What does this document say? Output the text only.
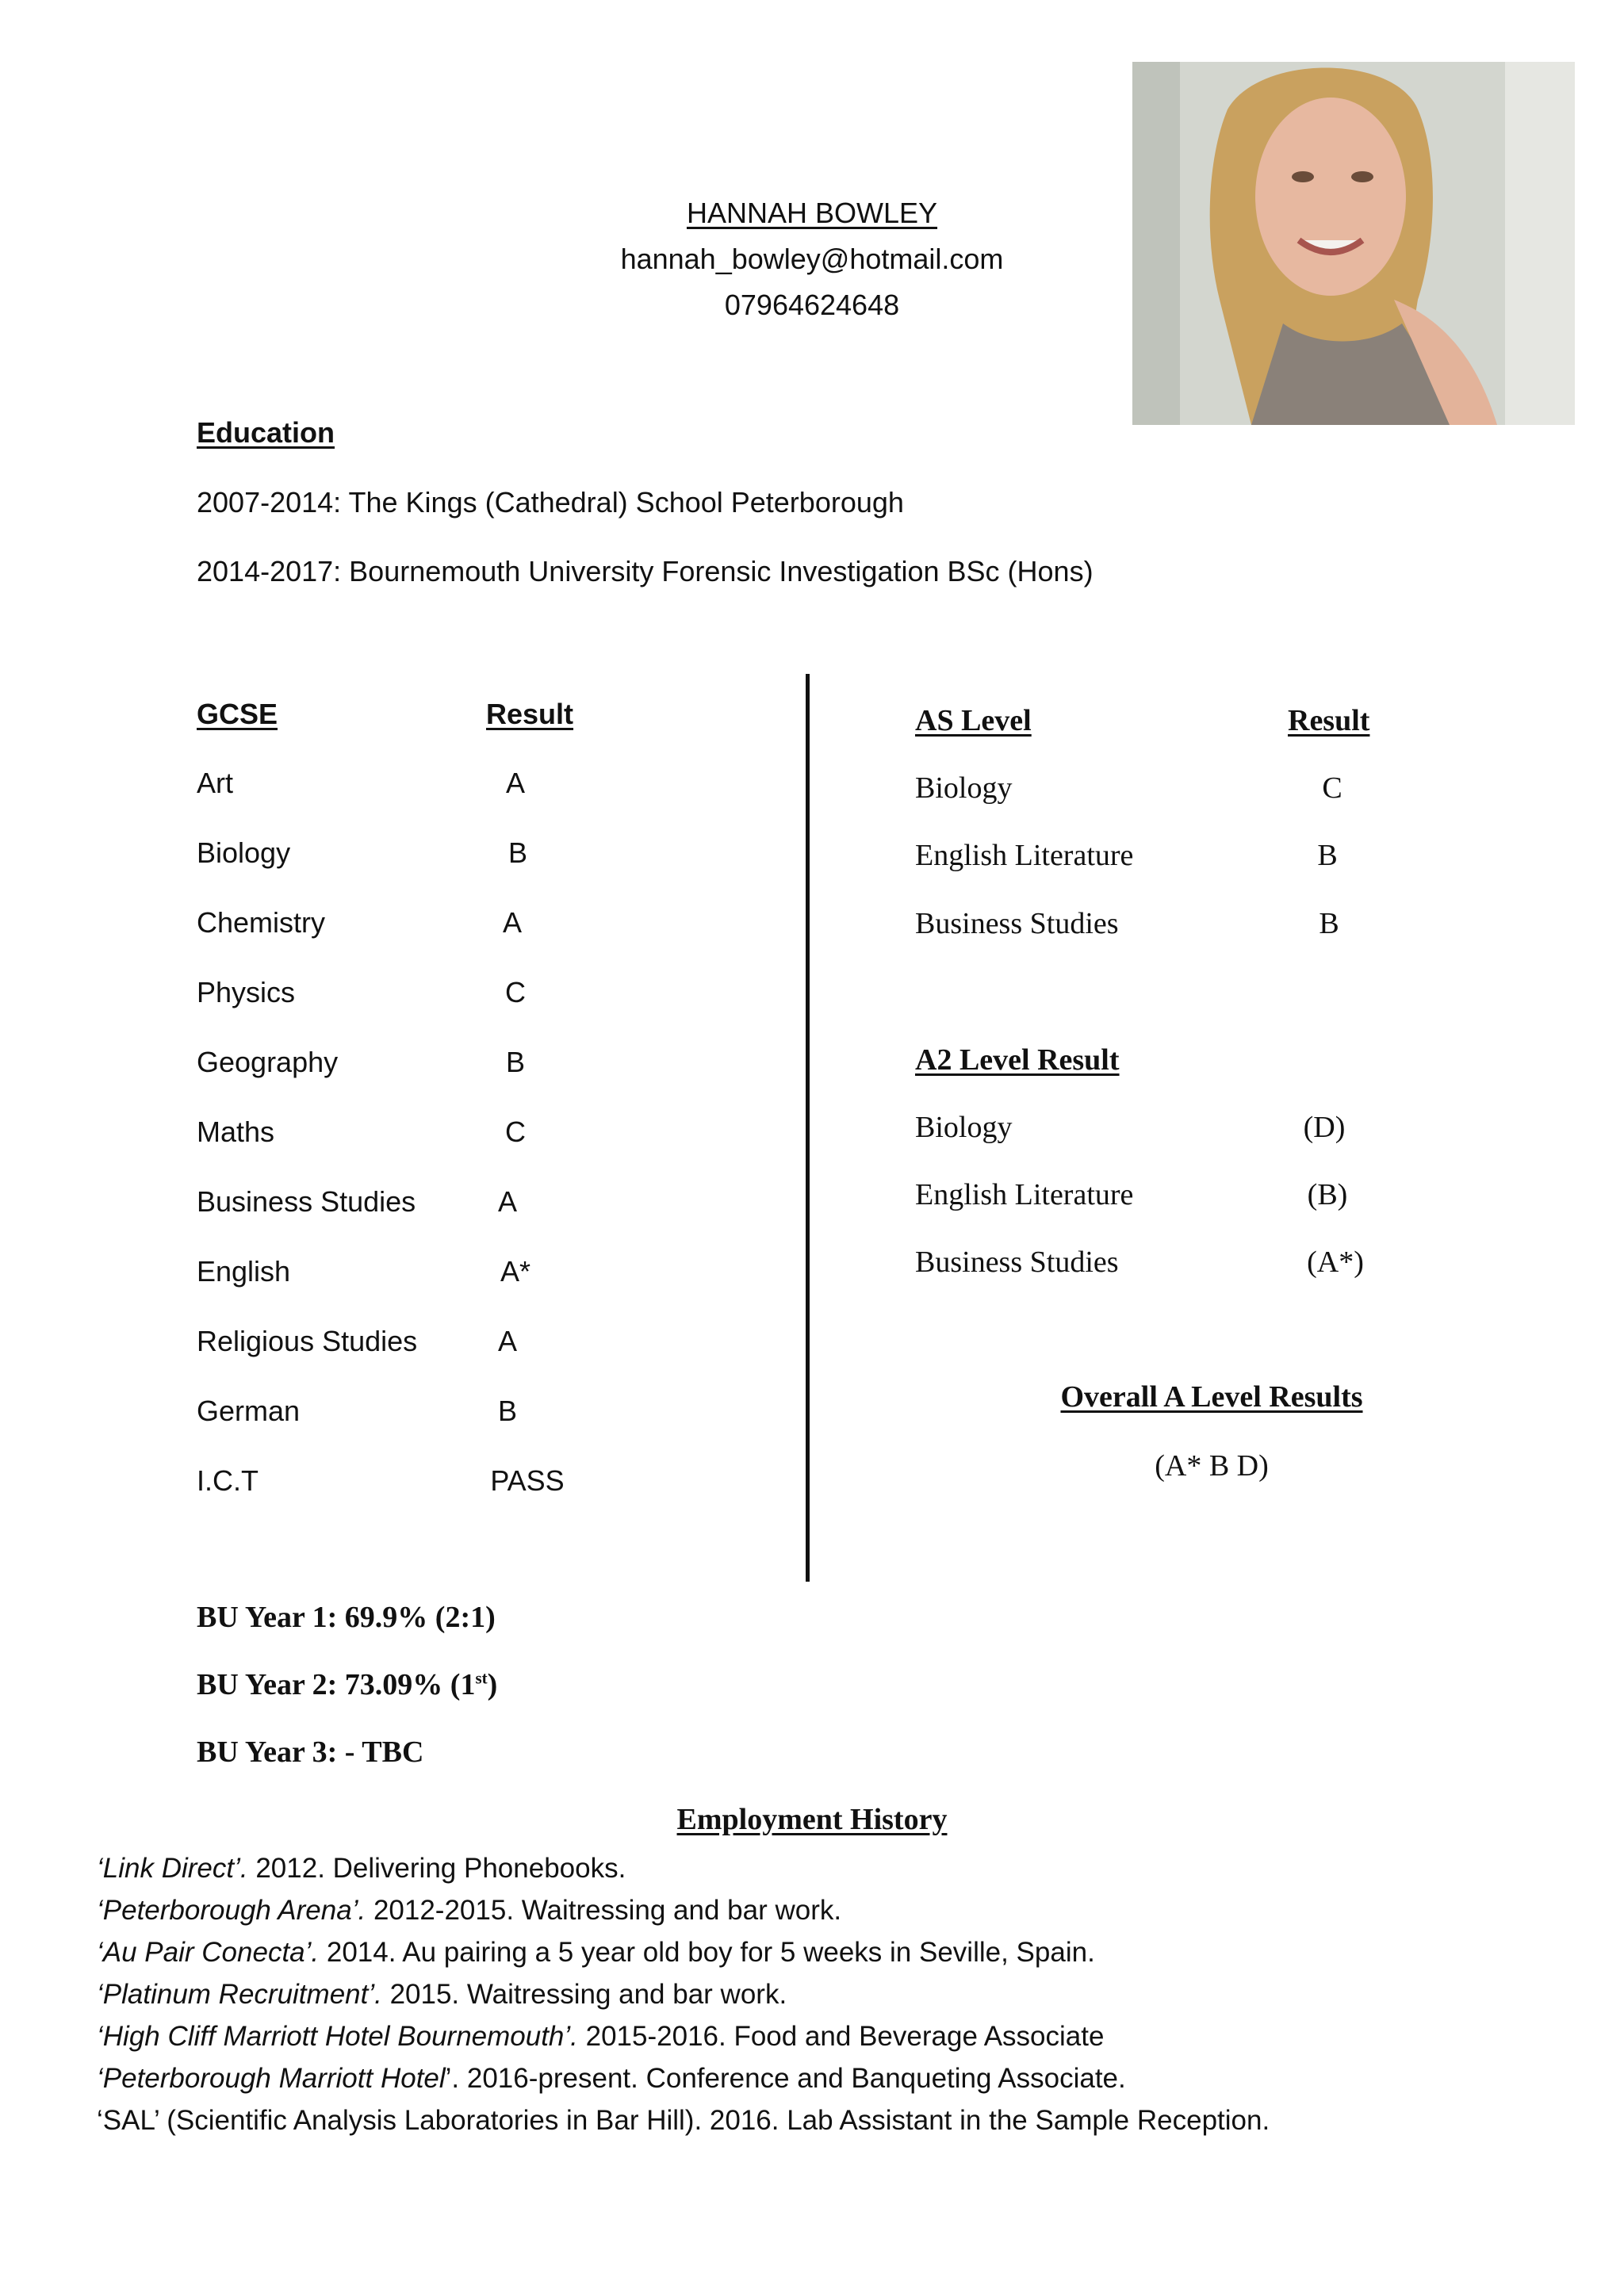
HANNAH BOWLEY
hannah_bowley@hotmail.com
07964624648
Education
2007-2014: The Kings (Cathedral) School Peterborough
2014-2017: Bournemouth University Forensic Investigation BSc (Hons)
GCSE	Result
Art	A
Biology	B
Chemistry	A
Physics	C
Geography	B
Maths	C
Business Studies	A
English	A*
Religious Studies	A
German	B
I.C.T	PASS
AS Level	Result
Biology	C
English Literature	B
Business Studies	B
A2 Level Result
Biology	(D)
English Literature	(B)
Business Studies	(A*)
Overall A Level Results
(A* B D)
BU Year 1: 69.9% (2:1)
BU Year 2: 73.09% (1st)
BU Year 3: - TBC
Employment History
‘Link Direct’. 2012. Delivering Phonebooks.
‘Peterborough Arena’. 2012-2015. Waitressing and bar work.
‘Au Pair Conecta’. 2014. Au pairing a 5 year old boy for 5 weeks in Seville, Spain.
‘Platinum Recruitment’. 2015. Waitressing and bar work.
‘High Cliff Marriott Hotel Bournemouth’. 2015-2016. Food and Beverage Associate
‘Peterborough Marriott Hotel’. 2016-present. Conference and Banqueting Associate.
‘SAL’ (Scientific Analysis Laboratories in Bar Hill). 2016. Lab Assistant in the Sample Reception.
